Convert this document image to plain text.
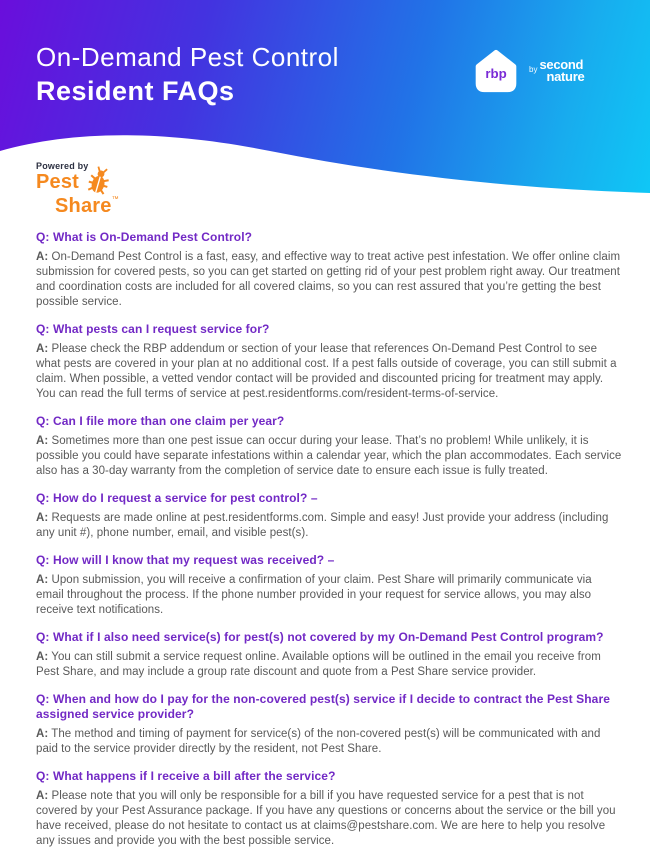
On-Demand Pest Control
Resident FAQs
rbp	by second
nature
Powered by
Pest
Share™
Q: What is On-Demand Pest Control?
A: On-Demand Pest Control is a fast, easy, and effective way to treat active pest infestation. We offer online claim submission for covered pests, so you can get started on getting rid of your pest problem right away. Our treatment and coordination costs are included for all covered claims, so you can rest assured that you’re getting the best possible service.
Q: What pests can I request service for?
A: Please check the RBP addendum or section of your lease that references On-Demand Pest Control to see what pests are covered in your plan at no additional cost. If a pest falls outside of coverage, you can still submit a claim. When possible, a vetted vendor contact will be provided and discounted pricing for treatment may apply. You can read the full terms of service at pest.residentforms.com/resident-terms-of-service.
Q: Can I file more than one claim per year?
A: Sometimes more than one pest issue can occur during your lease. That’s no problem! While unlikely, it is possible you could have separate infestations within a calendar year, which the plan accommodates. Each service also has a 30-day warranty from the completion of service date to ensure each issue is fully treated.
Q: How do I request a service for pest control? –
A: Requests are made online at pest.residentforms.com. Simple and easy! Just provide your address (including any unit #), phone number, email, and visible pest(s).
Q: How will I know that my request was received? –
A: Upon submission, you will receive a confirmation of your claim. Pest Share will primarily communicate via email throughout the process. If the phone number provided in your request for service allows, you may also receive text notifications.
Q: What if I also need service(s) for pest(s) not covered by my On-Demand Pest Control program?
A: You can still submit a service request online. Available options will be outlined in the email you receive from Pest Share, and may include a group rate discount and quote from a Pest Share service provider.
Q: When and how do I pay for the non-covered pest(s) service if I decide to contract the Pest Share assigned service provider?
A: The method and timing of payment for service(s) of the non-covered pest(s) will be communicated with and paid to the service provider directly by the resident, not Pest Share.
Q: What happens if I receive a bill after the service?
A: Please note that you will only be responsible for a bill if you have requested service for a pest that is not covered by your Pest Assurance package. If you have any questions or concerns about the service or the bill you have received, please do not hesitate to contact us at claims@pestshare.com. We are here to help you resolve any issues and provide you with the best possible service.
